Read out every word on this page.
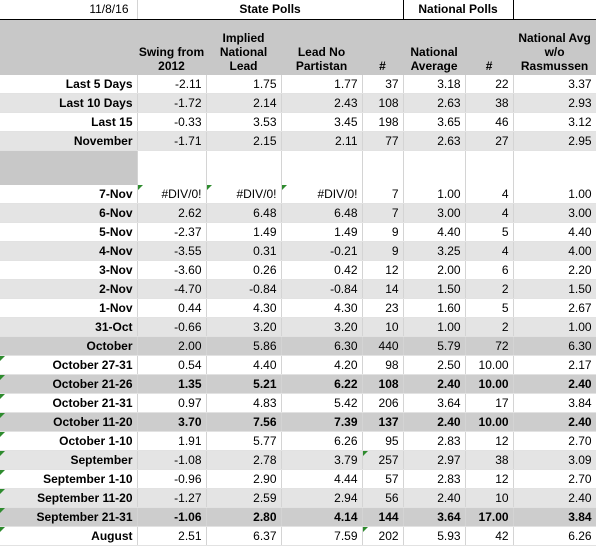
11/8/16	State Polls				National Polls		
	Swing from 2012	Implied National Lead	Lead No Partistan	#	National Average	#	National Avg w/o Rasmussen
Last 5 Days	-2.11	1.75	1.77	37	3.18	22	3.37
Last 10 Days	-1.72	2.14	2.43	108	2.63	38	2.93
Last 15	-0.33	3.53	3.45	198	3.65	46	3.12
November	-1.71	2.15	2.11	77	2.63	27	2.95

7-Nov	#DIV/0!	#DIV/0!	#DIV/0!	7	1.00	4	1.00
6-Nov	2.62	6.48	6.48	7	3.00	4	3.00
5-Nov	-2.37	1.49	1.49	9	4.40	5	4.40
4-Nov	-3.55	0.31	-0.21	9	3.25	4	4.00
3-Nov	-3.60	0.26	0.42	12	2.00	6	2.20
2-Nov	-4.70	-0.84	-0.84	14	1.50	2	1.50
1-Nov	0.44	4.30	4.30	23	1.60	5	2.67
31-Oct	-0.66	3.20	3.20	10	1.00	2	1.00
October	2.00	5.86	6.30	440	5.79	72	6.30
October 27-31	0.54	4.40	4.20	98	2.50	10.00	2.17
October 21-26	1.35	5.21	6.22	108	2.40	10.00	2.40
October 21-31	0.97	4.83	5.42	206	3.64	17	3.84
October 11-20	3.70	7.56	7.39	137	2.40	10.00	2.40
October 1-10	1.91	5.77	6.26	95	2.83	12	2.70
September	-1.08	2.78	3.79	257	2.97	38	3.09
September 1-10	-0.96	2.90	4.44	57	2.83	12	2.70
September 11-20	-1.27	2.59	2.94	56	2.40	10	2.40
September 21-31	-1.06	2.80	4.14	144	3.64	17.00	3.84
August	2.51	6.37	7.59	202	5.93	42	6.26
